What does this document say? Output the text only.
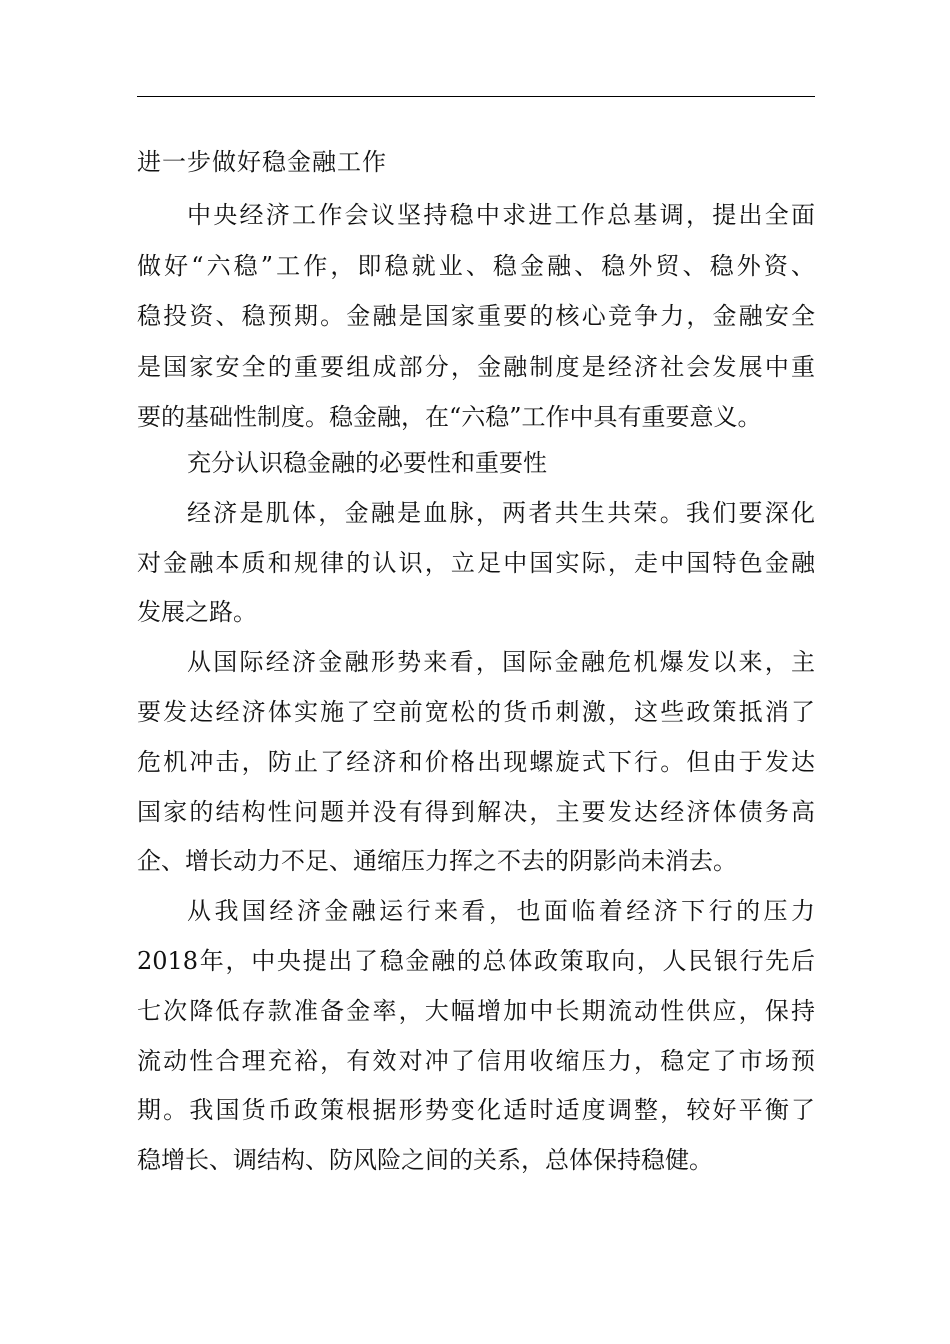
进一步做好稳金融工作

中央经济工作会议坚持稳中求进工作总基调，提出全面

做好“六稳”工作，即稳就业、稳金融、稳外贸、稳外资、

稳投资、稳预期。金融是国家重要的核心竞争力，金融安全

是国家安全的重要组成部分，金融制度是经济社会发展中重

要的基础性制度。稳金融，在“六稳”工作中具有重要意义。

充分认识稳金融的必要性和重要性

经济是肌体，金融是血脉，两者共生共荣。我们要深化

对金融本质和规律的认识，立足中国实际，走中国特色金融

发展之路。

从国际经济金融形势来看，国际金融危机爆发以来，主

要发达经济体实施了空前宽松的货币刺激，这些政策抵消了

危机冲击，防止了经济和价格出现螺旋式下行。但由于发达

国家的结构性问题并没有得到解决，主要发达经济体债务高

企、增长动力不足、通缩压力挥之不去的阴影尚未消去。

从我国经济金融运行来看，也面临着经济下行的压力

2018年，中央提出了稳金融的总体政策取向，人民银行先后

七次降低存款准备金率，大幅增加中长期流动性供应，保持

流动性合理充裕，有效对冲了信用收缩压力，稳定了市场预

期。我国货币政策根据形势变化适时适度调整，较好平衡了

稳增长、调结构、防风险之间的关系，总体保持稳健。
